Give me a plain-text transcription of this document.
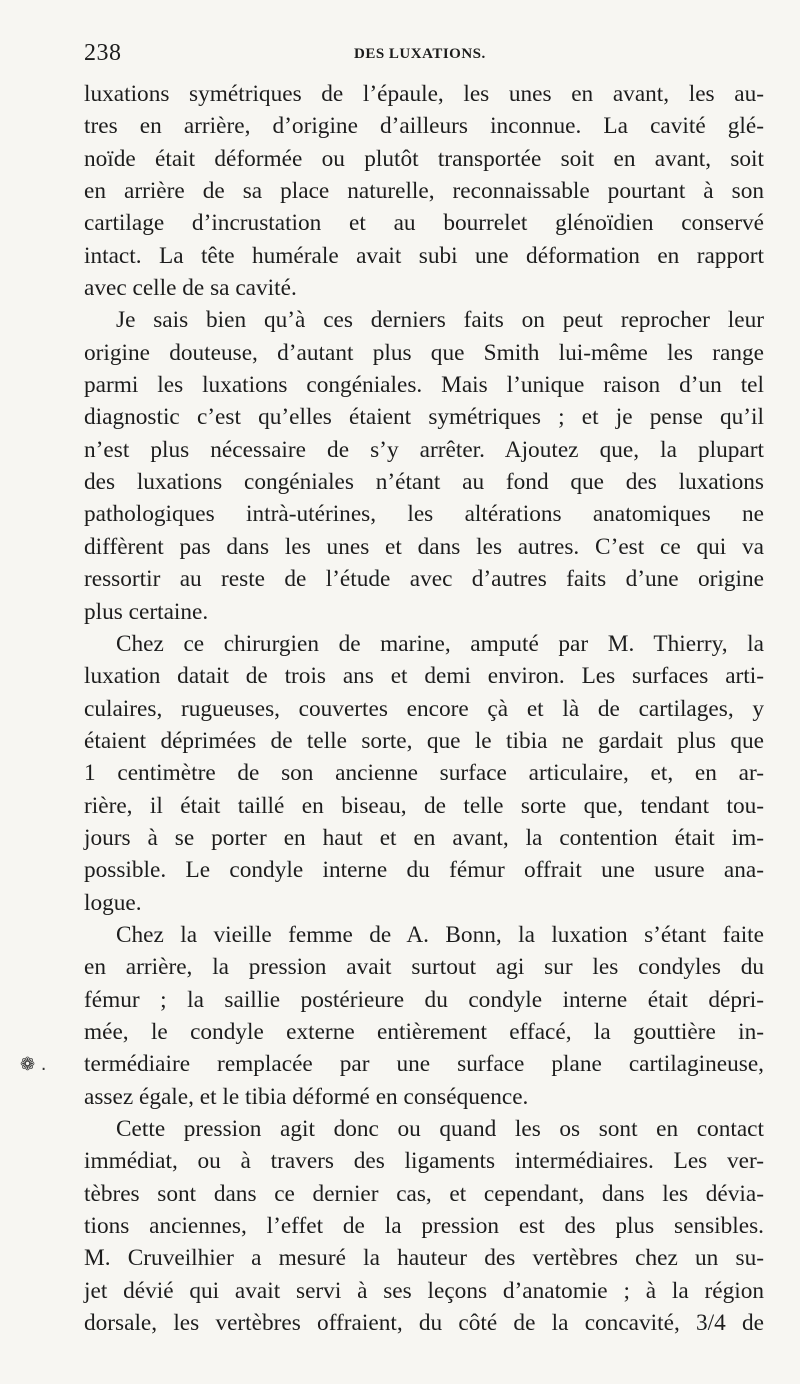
238	DES LUXATIONS.
❁ .
luxations symétriques de l’épaule, les unes en avant, les au-
tres en arrière, d’origine d’ailleurs inconnue. La cavité glé-
noïde était déformée ou plutôt transportée soit en avant, soit
en arrière de sa place naturelle, reconnaissable pourtant à son
cartilage d’incrustation et au bourrelet glénoïdien conservé
intact. La tête humérale avait subi une déformation en rapport
avec celle de sa cavité.
Je sais bien qu’à ces derniers faits on peut reprocher leur
origine douteuse, d’autant plus que Smith lui-même les range
parmi les luxations congéniales. Mais l’unique raison d’un tel
diagnostic c’est qu’elles étaient symétriques ; et je pense qu’il
n’est plus nécessaire de s’y arrêter. Ajoutez que, la plupart
des luxations congéniales n’étant au fond que des luxations
pathologiques intrà-utérines, les altérations anatomiques ne
diffèrent pas dans les unes et dans les autres. C’est ce qui va
ressortir au reste de l’étude avec d’autres faits d’une origine
plus certaine.
Chez ce chirurgien de marine, amputé par M. Thierry, la
luxation datait de trois ans et demi environ. Les surfaces arti-
culaires, rugueuses, couvertes encore çà et là de cartilages, y
étaient déprimées de telle sorte, que le tibia ne gardait plus que
1 centimètre de son ancienne surface articulaire, et, en ar-
rière, il était taillé en biseau, de telle sorte que, tendant tou-
jours à se porter en haut et en avant, la contention était im-
possible. Le condyle interne du fémur offrait une usure ana-
logue.
Chez la vieille femme de A. Bonn, la luxation s’étant faite
en arrière, la pression avait surtout agi sur les condyles du
fémur ; la saillie postérieure du condyle interne était dépri-
mée, le condyle externe entièrement effacé, la gouttière in-
termédiaire remplacée par une surface plane cartilagineuse,
assez égale, et le tibia déformé en conséquence.
Cette pression agit donc ou quand les os sont en contact
immédiat, ou à travers des ligaments intermédiaires. Les ver-
tèbres sont dans ce dernier cas, et cependant, dans les dévia-
tions anciennes, l’effet de la pression est des plus sensibles.
M. Cruveilhier a mesuré la hauteur des vertèbres chez un su-
jet dévié qui avait servi à ses leçons d’anatomie ; à la région
dorsale, les vertèbres offraient, du côté de la concavité, 3/4 de
